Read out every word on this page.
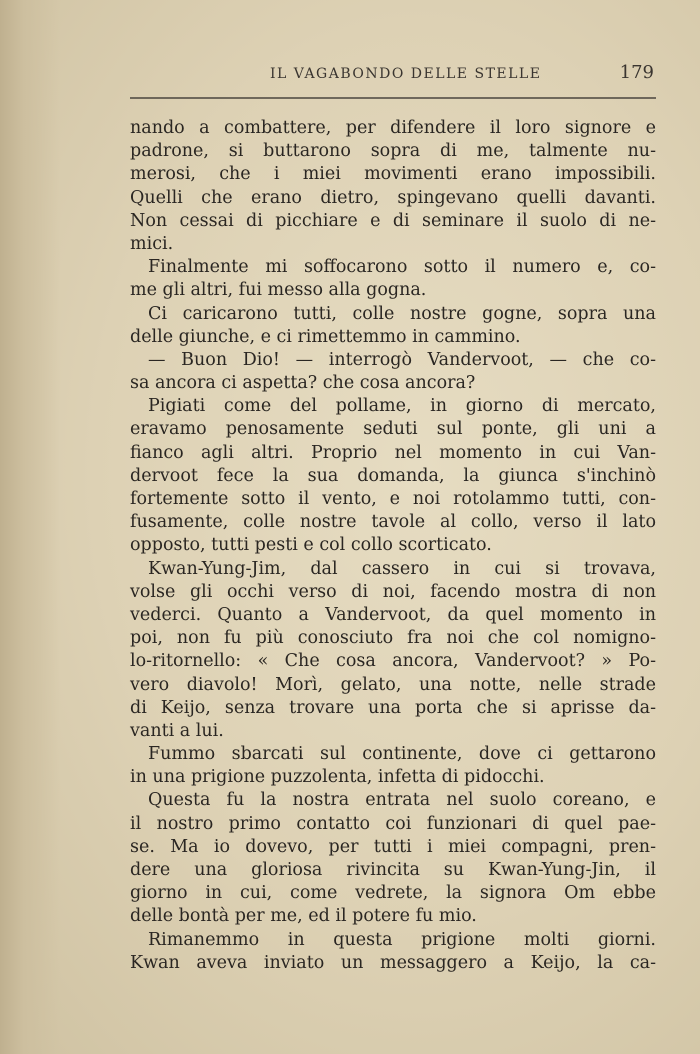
IL VAGABONDO DELLE STELLE	179
nando a combattere, per difendere il loro signore e
padrone, si buttarono sopra di me, talmente nu-
merosi, che i miei movimenti erano impossibili.
Quelli che erano dietro, spingevano quelli davanti.
Non cessai di picchiare e di seminare il suolo di ne-
mici.
Finalmente mi soffocarono sotto il numero e, co-
me gli altri, fui messo alla gogna.
Ci caricarono tutti, colle nostre gogne, sopra una
delle giunche, e ci rimettemmo in cammino.
— Buon Dio! — interrogò Vandervoot, — che co-
sa ancora ci aspetta? che cosa ancora?
Pigiati come del pollame, in giorno di mercato,
eravamo penosamente seduti sul ponte, gli uni a
fianco agli altri. Proprio nel momento in cui Van-
dervoot fece la sua domanda, la giunca s'inchinò
fortemente sotto il vento, e noi rotolammo tutti, con-
fusamente, colle nostre tavole al collo, verso il lato
opposto, tutti pesti e col collo scorticato.
Kwan-Yung-Jim, dal cassero in cui si trovava,
volse gli occhi verso di noi, facendo mostra di non
vederci. Quanto a Vandervoot, da quel momento in
poi, non fu più conosciuto fra noi che col nomigno-
lo-ritornello: « Che cosa ancora, Vandervoot? » Po-
vero diavolo! Morì, gelato, una notte, nelle strade
di Keijo, senza trovare una porta che si aprisse da-
vanti a lui.
Fummo sbarcati sul continente, dove ci gettarono
in una prigione puzzolenta, infetta di pidocchi.
Questa fu la nostra entrata nel suolo coreano, e
il nostro primo contatto coi funzionari di quel pae-
se. Ma io dovevo, per tutti i miei compagni, pren-
dere una gloriosa rivincita su Kwan-Yung-Jin, il
giorno in cui, come vedrete, la signora Om ebbe
delle bontà per me, ed il potere fu mio.
Rimanemmo in questa prigione molti giorni.
Kwan aveva inviato un messaggero a Keijo, la ca-
